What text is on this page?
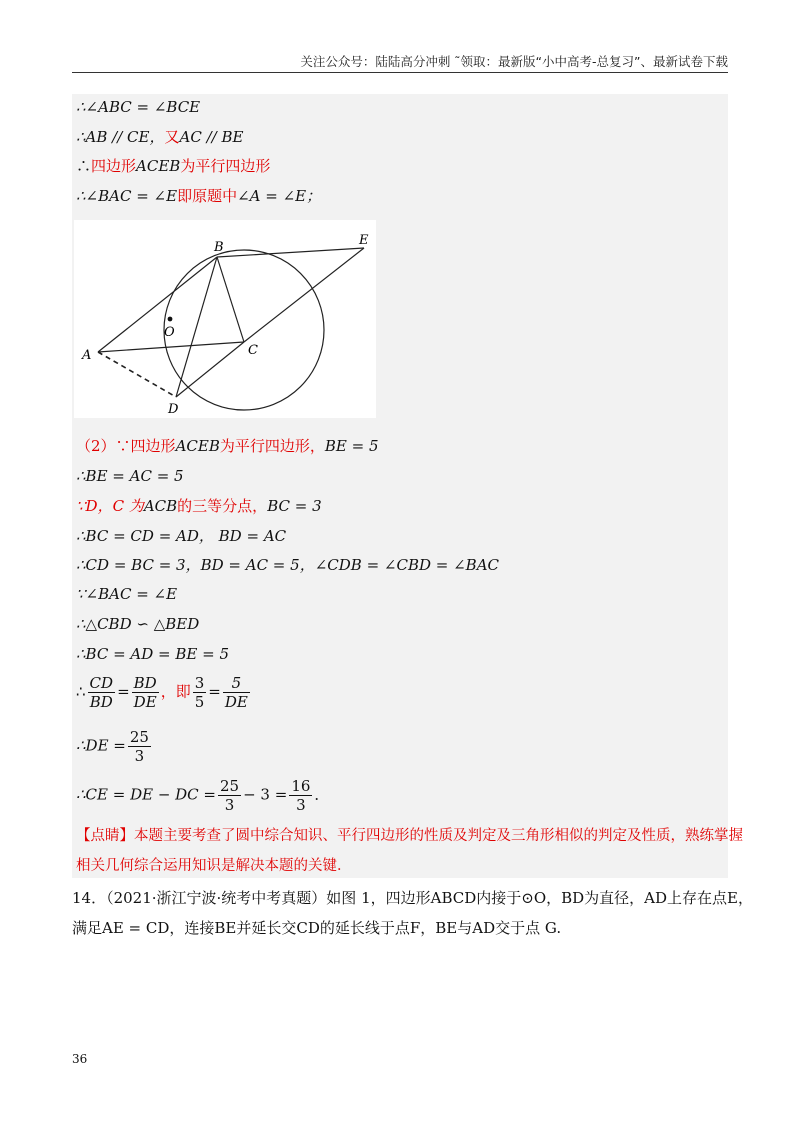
关注公众号：陆陆高分冲刺 ˜领取：最新版“小中高考-总复习”、最新试卷下载
∴∠ABC = ∠BCE
∴AB // CE，又AC // BE
∴四边形ACEB为平行四边形
∴∠BAC = ∠E即原题中∠A = ∠E；
O
B	E
A	C
D
（2）∵四边形ACEB为平行四边形，BE = 5
∴BE = AC = 5
∵D，C 为ACB的三等分点，BC = 3
∴BC = CD = AD， BD = AC
∴CD = BC = 3，BD = AC = 5，∠CDB = ∠CBD = ∠BAC
∵∠BAC = ∠E
∴△CBD ∽ △BED
∴BC = AD = BE = 5
∴ $\frac{CD}{BD} = \frac{BD}{DE}$ ，即 $\frac{3}{5} = \frac{5}{DE}$
∴DE = $\frac{25}{3}$
∴CE = DE − DC = $\frac{25}{3} - 3 = \frac{16}{3}$ ．
【点睛】本题主要考查了圆中综合知识、平行四边形的性质及判定及三角形相似的判定及性质，熟练掌握
相关几何综合运用知识是解决本题的关键．
14．（2021·浙江宁波·统考中考真题）如图 1，四边形ABCD内接于⊙O，BD为直径，AD上存在点E，
满足AE = CD，连接BE并延长交CD的延长线于点F，BE与AD交于点 G.
36
